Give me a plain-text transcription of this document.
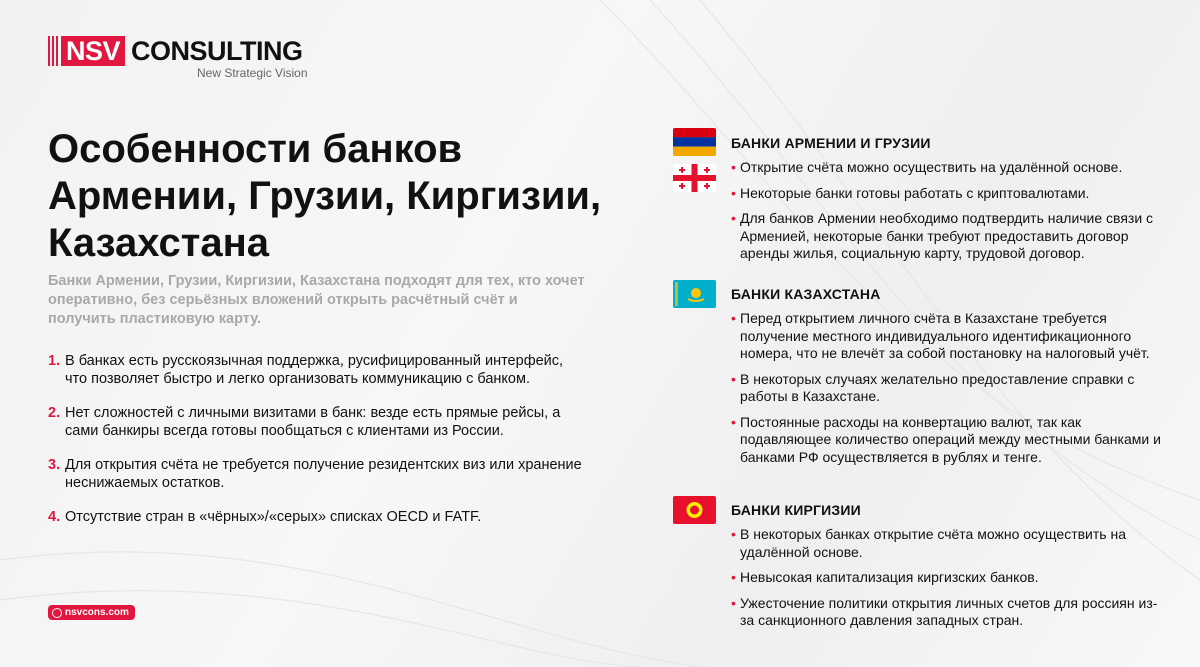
NSV CONSULTING
New Strategic Vision
Особенности банков Армении, Грузии, Киргизии, Казахстана

Банки Армении, Грузии, Киргизии, Казахстана подходят для тех, кто хочет оперативно, без серьёзных вложений открыть расчётный счёт и получить пластиковую карту.

1. В банках есть русскоязычная поддержка, русифицированный интерфейс, что позволяет быстро и легко организовать коммуникацию с банком.
2. Нет сложностей с личными визитами в банк: везде есть прямые рейсы, а сами банкиры всегда готовы пообщаться с клиентами из России.
3. Для открытия счёта не требуется получение резидентских виз или хранение неснижаемых остатков.
4. Отсутствие стран в «чёрных»/«серых» списках OECD и FATF.
nsvcons.com
БАНКИ АРМЕНИИ И ГРУЗИИ
• Открытие счёта можно осуществить на удалённой основе.
• Некоторые банки готовы работать с криптовалютами.
• Для банков Армении необходимо подтвердить наличие связи с Арменией, некоторые банки требуют предоставить договор аренды жилья, социальную карту, трудовой договор.
БАНКИ КАЗАХСТАНА
• Перед открытием личного счёта в Казахстане требуется получение местного индивидуального идентификационного номера, что не влечёт за собой постановку на налоговый учёт.
• В некоторых случаях желательно предоставление справки с работы в Казахстане.
• Постоянные расходы на конвертацию валют, так как подавляющее количество операций между местными банками и банками РФ осуществляется в рублях и тенге.
БАНКИ КИРГИЗИИ
• В некоторых банках открытие счёта можно осуществить на удалённой основе.
• Невысокая капитализация киргизских банков.
• Ужесточение политики открытия личных счетов для россиян из-за санкционного давления западных стран.
